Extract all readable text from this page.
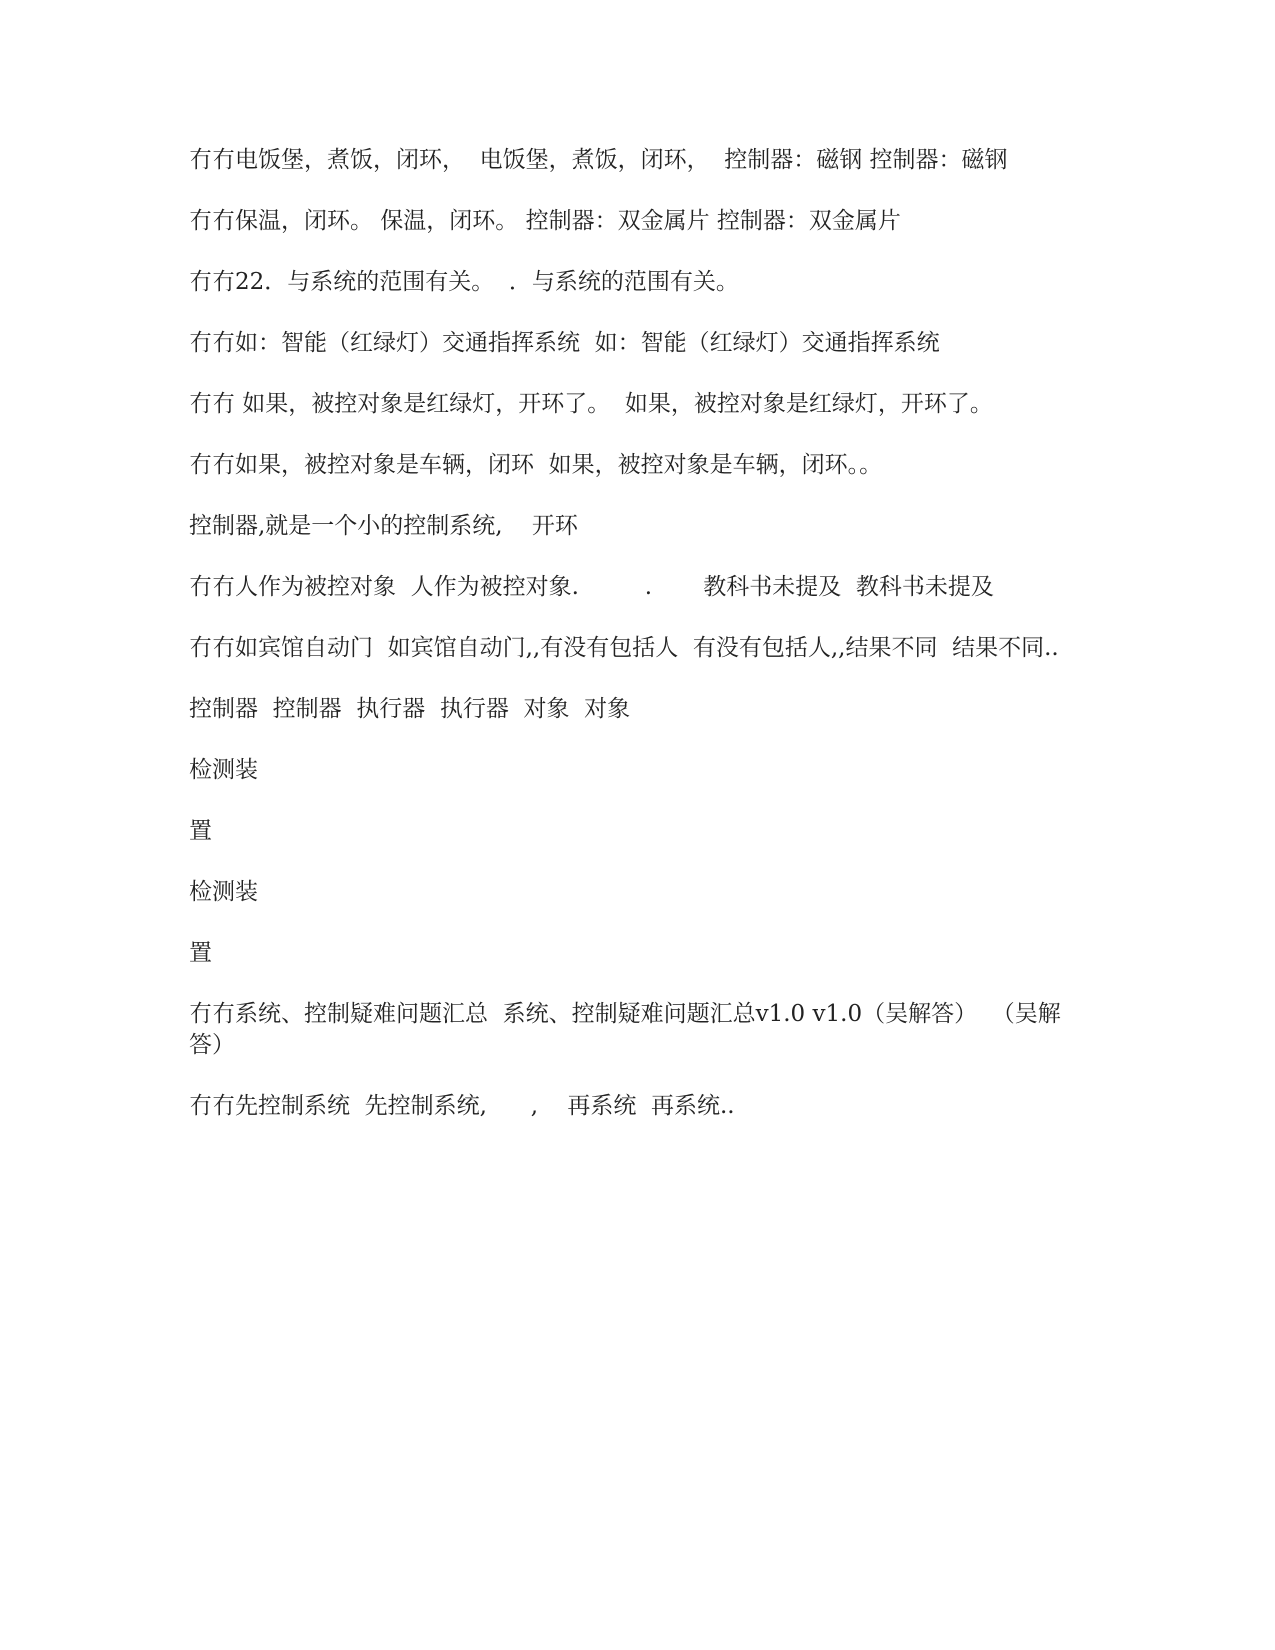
冇冇电饭堡，煮饭，闭环，  电饭堡，煮饭，闭环，  控制器：磁钢 控制器：磁钢

冇冇保温，闭环。 保温，闭环。 控制器：双金属片 控制器：双金属片

冇冇22．与系统的范围有关。  ．与系统的范围有关。

冇冇如：智能（红绿灯）交通指挥系统  如：智能（红绿灯）交通指挥系统

冇冇 如果，被控对象是红绿灯，开环了。  如果，被控对象是红绿灯，开环了。

冇冇如果，被控对象是车辆，闭环  如果，被控对象是车辆，闭环。。

控制器,就是一个小的控制系统,    开环

冇冇人作为被控对象  人作为被控对象.         .       教科书未提及  教科书未提及

冇冇如宾馆自动门  如宾馆自动门,,有没有包括人  有没有包括人,,结果不同  结果不同..

控制器  控制器  执行器  执行器  对象  对象

检测装

置

检测装

置

冇冇系统、控制疑难问题汇总  系统、控制疑难问题汇总v1.0 v1.0（吴解答）  （吴解答）

冇冇先控制系统  先控制系统,      ,    再系统  再系统..
